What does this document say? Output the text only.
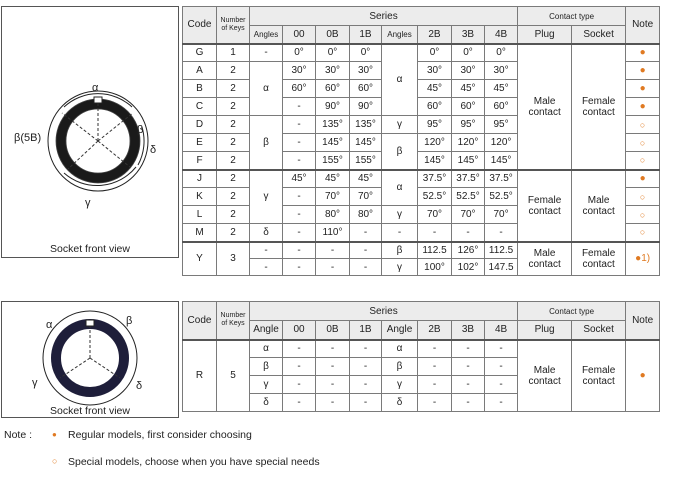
α
β(5B)
β
δ
γ
Socket front view
α	β
γ	δ
Socket front view
Code	Number of Keys	Series								Contact type		Note
		Angles	00	0B	1B	Angles	2B	3B	4B	Plug	Socket	
G	1	-	0°	0°	0°	α	0°	0°	0°	Male contact	Female contact	●
A	2	α	30°	30°	30°		30°	30°	30°			●
B	2		60°	60°	60°		45°	45°	45°			●
C	2		-	90°	90°		60°	60°	60°			●
D	2	β	-	135°	135°	γ	95°	95°	95°			○
E	2		-	145°	145°	β	120°	120°	120°			○
F	2		-	155°	155°		145°	145°	145°			○
J	2	γ	45°	45°	45°	α	37.5°	37.5°	37.5°	Female contact	Male contact	●
K	2		-	70°	70°		52.5°	52.5°	52.5°			○
L	2		-	80°	80°	γ	70°	70°	70°			○
M	2	δ	-	110°	-	-	-	-	-			○
Y	3	-	-	-	-	β	112.5	126°	112.5	Male contact	Female contact	●1)
		-	-	-	-	γ	100°	102°	147.5			
Code	Number of Keys	Series								Contact type		Note
		Angle	00	0B	1B	Angle	2B	3B	4B	Plug	Socket	
R	5	α	-	-	-	α	-	-	-	Male contact	Female contact	●
		β	-	-	-	β	-	-	-			
		γ	-	-	-	γ	-	-	-			
		δ	-	-	-	δ	-	-	-			
Note : ● Regular models, first consider choosing
○ Special models, choose when you have special needs
